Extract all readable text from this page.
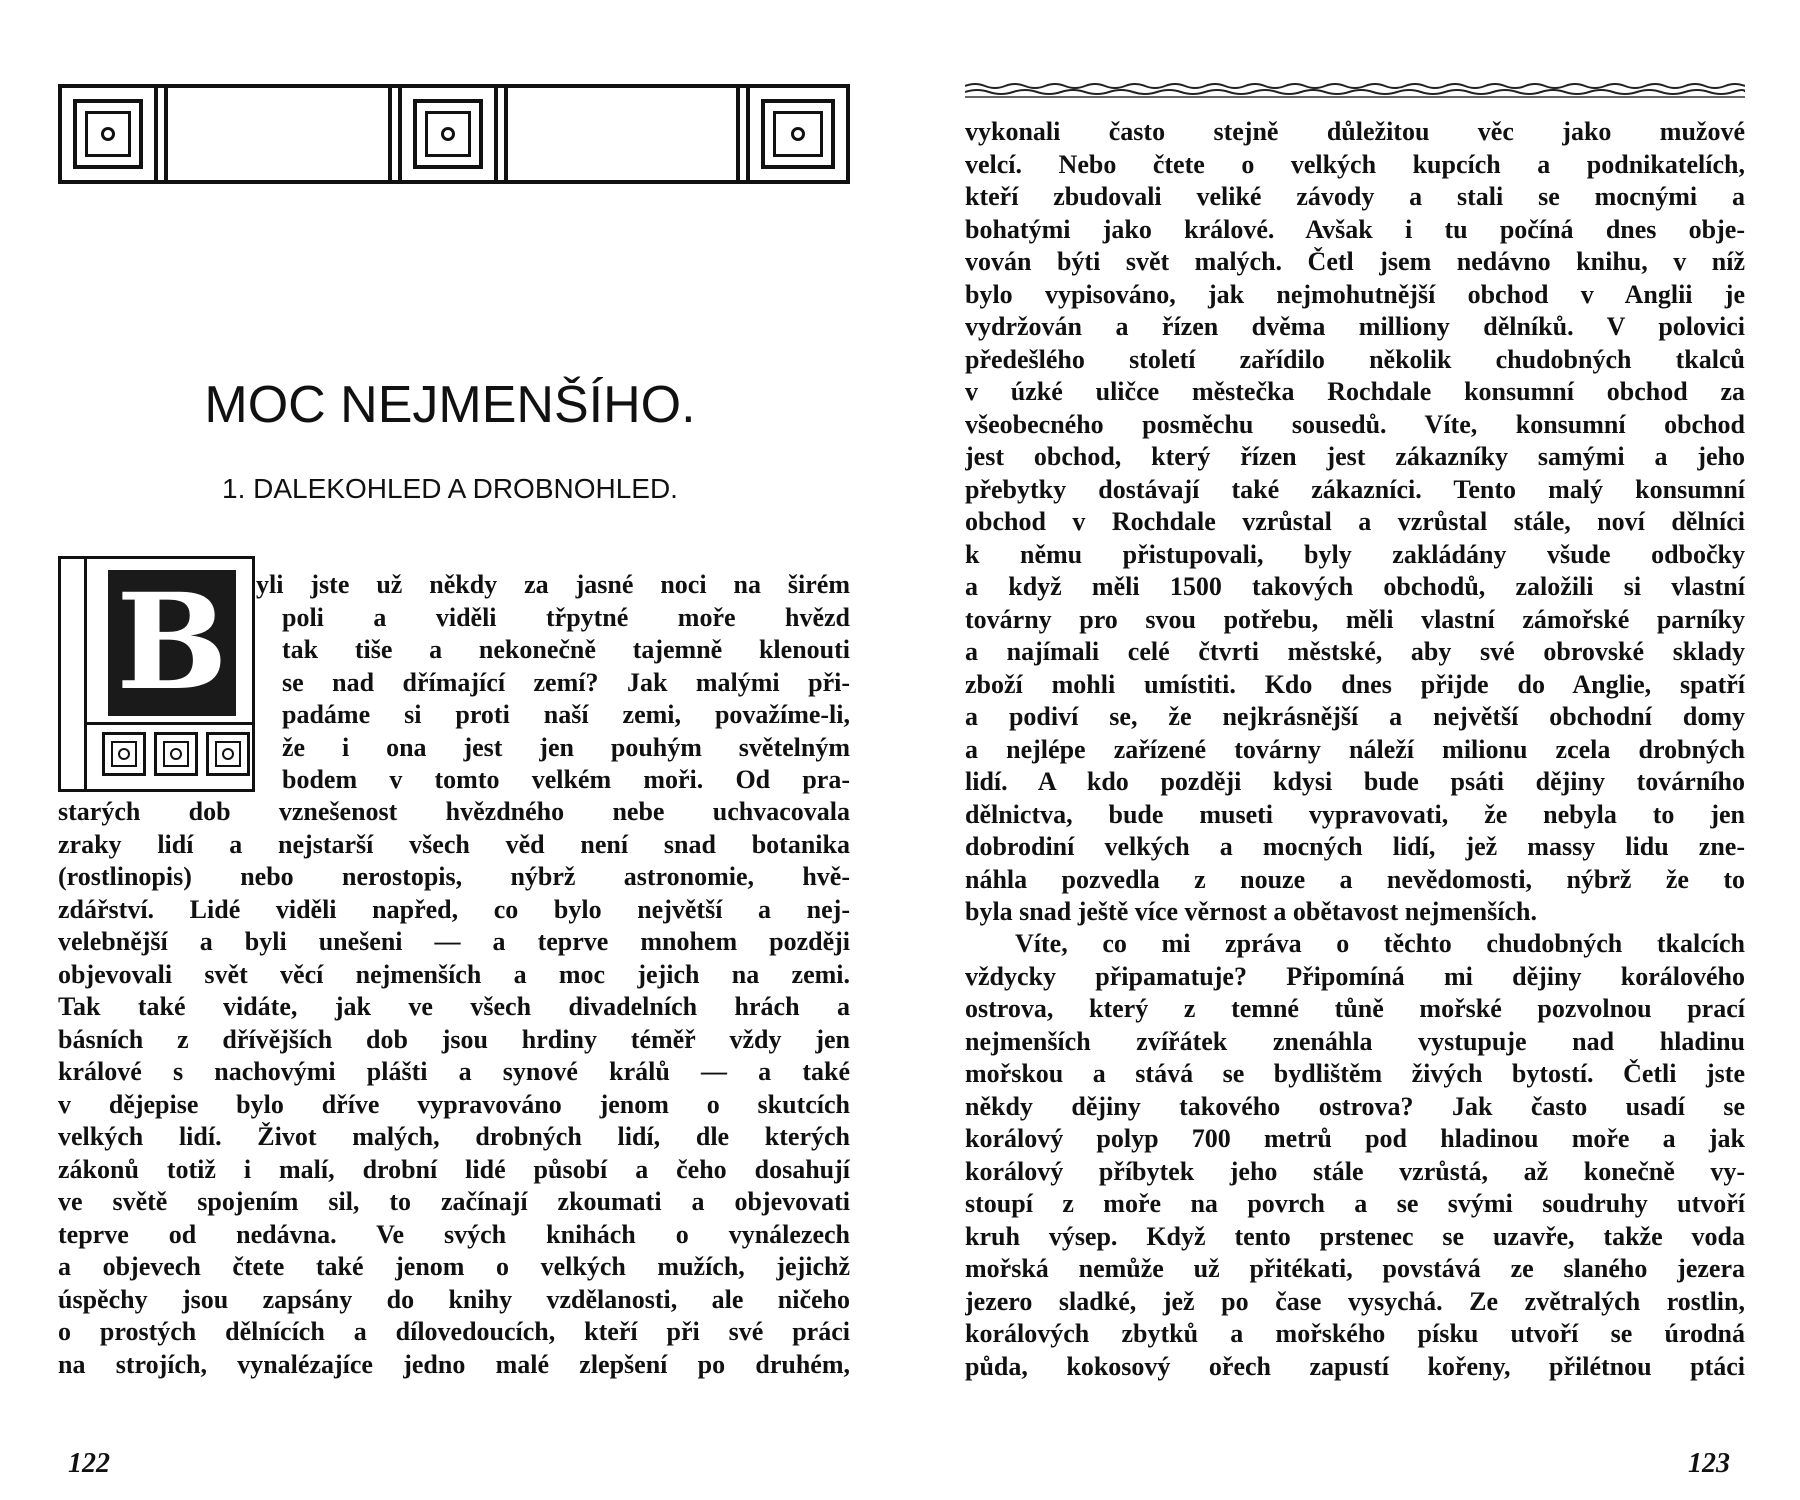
MOC NEJMENŠÍHO.
1. DALEKOHLED A DROBNOHLED.
B	yli jste už někdy za jasné noci na širém
poli a viděli třpytné moře hvězd
tak tiše a nekonečně tajemně klenouti
se nad dřímající zemí? Jak malými při-
padáme si proti naší zemi, považíme-li,
že i ona jest jen pouhým světelným
bodem v tomto velkém moři. Od pra-
starých dob vznešenost hvězdného nebe uchvacovala
zraky lidí a nejstarší všech věd není snad botanika
(rostlinopis) nebo nerostopis, nýbrž astronomie, hvě-
zdářství. Lidé viděli napřed, co bylo největší a nej-
velebnější a byli unešeni — a teprve mnohem později
objevovali svět věcí nejmenších a moc jejich na zemi.
Tak také vidáte, jak ve všech divadelních hrách a
básních z dřívějších dob jsou hrdiny téměř vždy jen
králové s nachovými plášti a synové králů — a také
v dějepise bylo dříve vypravováno jenom o skutcích
velkých lidí. Život malých, drobných lidí, dle kterých
zákonů totiž i malí, drobní lidé působí a čeho dosahují
ve světě spojením sil, to začínají zkoumati a objevovati
teprve od nedávna. Ve svých knihách o vynálezech
a objevech čtete také jenom o velkých mužích, jejichž
úspěchy jsou zapsány do knihy vzdělanosti, ale ničeho
o prostých dělnících a dílovedoucích, kteří při své práci
na strojích, vynalézajíce jedno malé zlepšení po druhém,
122
vykonali často stejně důležitou věc jako mužové
velcí. Nebo čtete o velkých kupcích a podnikatelích,
kteří zbudovali veliké závody a stali se mocnými a
bohatými jako králové. Avšak i tu počíná dnes obje-
vován býti svět malých. Četl jsem nedávno knihu, v níž
bylo vypisováno, jak nejmohutnější obchod v Anglii je
vydržován a řízen dvěma milliony dělníků. V polovici
předešlého století zařídilo několik chudobných tkalců
v úzké uličce městečka Rochdale konsumní obchod za
všeobecného posměchu sousedů. Víte, konsumní obchod
jest obchod, který řízen jest zákazníky samými a jeho
přebytky dostávají také zákazníci. Tento malý konsumní
obchod v Rochdale vzrůstal a vzrůstal stále, noví dělníci
k němu přistupovali, byly zakládány všude odbočky
a když měli 1500 takových obchodů, založili si vlastní
továrny pro svou potřebu, měli vlastní zámořské parníky
a najímali celé čtvrti městské, aby své obrovské sklady
zboží mohli umístiti. Kdo dnes přijde do Anglie, spatří
a podiví se, že nejkrásnější a největší obchodní domy
a nejlépe zařízené továrny náleží milionu zcela drobných
lidí. A kdo později kdysi bude psáti dějiny továrního
dělnictva, bude museti vypravovati, že nebyla to jen
dobrodiní velkých a mocných lidí, jež massy lidu zne-
náhla pozvedla z nouze a nevědomosti, nýbrž že to
byla snad ještě více věrnost a obětavost nejmenších.
Víte, co mi zpráva o těchto chudobných tkalcích
vždycky připamatuje? Připomíná mi dějiny korálového
ostrova, který z temné tůně mořské pozvolnou prací
nejmenších zvířátek znenáhla vystupuje nad hladinu
mořskou a stává se bydlištěm živých bytostí. Četli jste
někdy dějiny takového ostrova? Jak často usadí se
korálový polyp 700 metrů pod hladinou moře a jak
korálový příbytek jeho stále vzrůstá, až konečně vy-
stoupí z moře na povrch a se svými soudruhy utvoří
kruh výsep. Když tento prstenec se uzavře, takže voda
mořská nemůže už přitékati, povstává ze slaného jezera
jezero sladké, jež po čase vysychá. Ze zvětralých rostlin,
korálových zbytků a mořského písku utvoří se úrodná
půda, kokosový ořech zapustí kořeny, přilétnou ptáci
123
